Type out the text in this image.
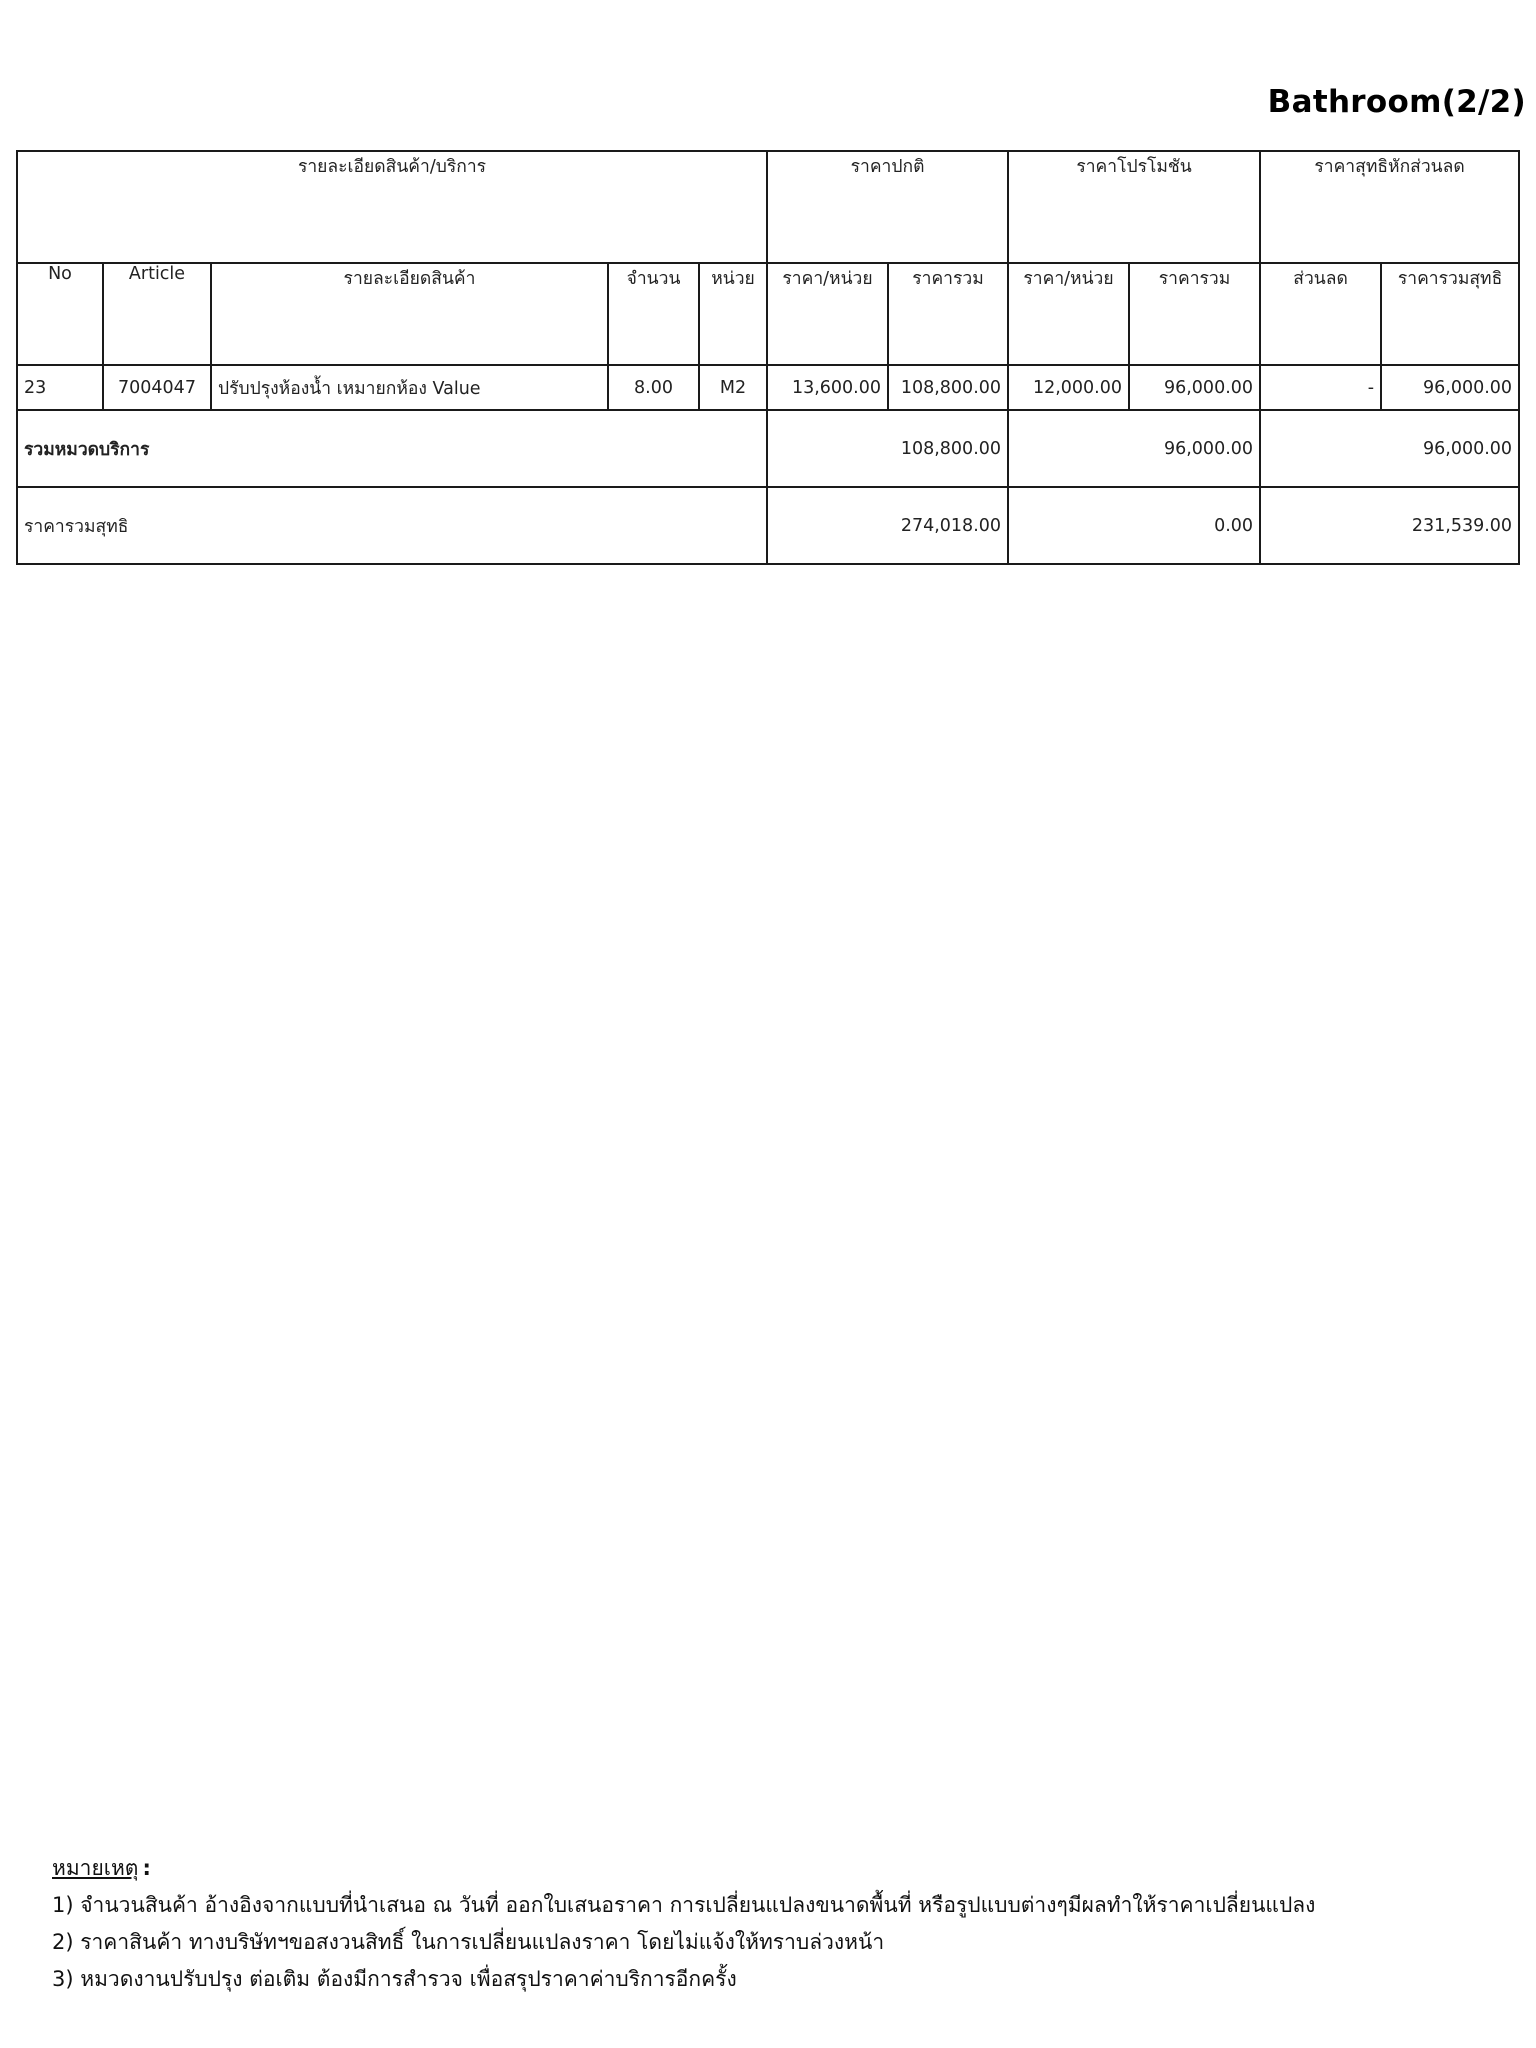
Bathroom(2/2)
รายละเอียดสินค้า/บริการ					ราคาปกติ		ราคาโปรโมชัน		ราคาสุทธิหักส่วนลด	
No	Article	รายละเอียดสินค้า	จำนวน	หน่วย	ราคา/หน่วย	ราคารวม	ราคา/หน่วย	ราคารวม	ส่วนลด	ราคารวมสุทธิ
23	7004047	ปรับปรุงห้องน้ำ เหมายกห้อง Value	8.00	M2	13,600.00	108,800.00	12,000.00	96,000.00	-	96,000.00
รวมหมวดบริการ					108,800.00		96,000.00		96,000.00	
ราคารวมสุทธิ					274,018.00		0.00		231,539.00	
หมายเหตุ :
1) จำนวนสินค้า อ้างอิงจากแบบที่นำเสนอ ณ วันที่ ออกใบเสนอราคา การเปลี่ยนแปลงขนาดพื้นที่ หรือรูปแบบต่างๆมีผลทำให้ราคาเปลี่ยนแปลง
2) ราคาสินค้า ทางบริษัทฯขอสงวนสิทธิ์ ในการเปลี่ยนแปลงราคา โดยไม่แจ้งให้ทราบล่วงหน้า
3) หมวดงานปรับปรุง ต่อเติม ต้องมีการสำรวจ เพื่อสรุปราคาค่าบริการอีกครั้ง
